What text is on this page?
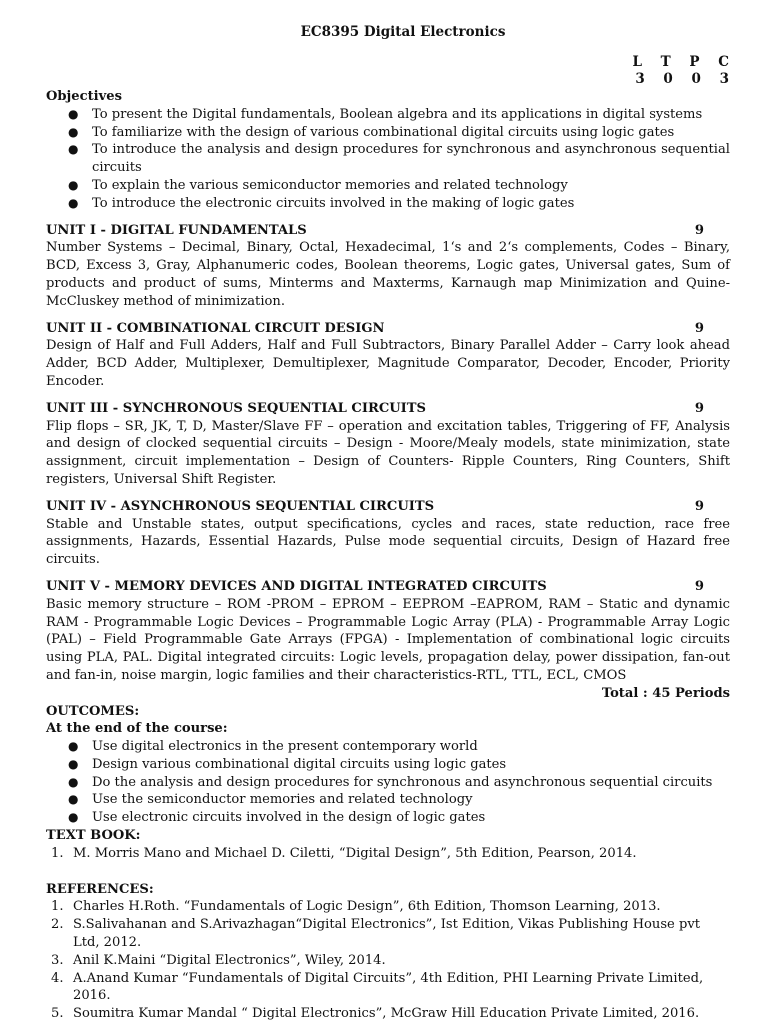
EC8395 Digital Electronics
L T P C
3 0 0 3
Objectives
● To present the Digital fundamentals, Boolean algebra and its applications in digital systems
● To familiarize with the design of various combinational digital circuits using logic gates
● To introduce the analysis and design procedures for synchronous and asynchronous sequential circuits
● To explain the various semiconductor memories and related technology
● To introduce the electronic circuits involved in the making of logic gates
UNIT I - DIGITAL FUNDAMENTALS	9
Number Systems – Decimal, Binary, Octal, Hexadecimal, 1‘s and 2‘s complements, Codes – Binary, BCD, Excess 3, Gray, Alphanumeric codes, Boolean theorems, Logic gates, Universal gates, Sum of products and product of sums, Minterms and Maxterms, Karnaugh map Minimization and Quine-McCluskey method of minimization.
UNIT II - COMBINATIONAL CIRCUIT DESIGN	9
Design of Half and Full Adders, Half and Full Subtractors, Binary Parallel Adder – Carry look ahead Adder, BCD Adder, Multiplexer, Demultiplexer, Magnitude Comparator, Decoder, Encoder, Priority Encoder.
UNIT III - SYNCHRONOUS SEQUENTIAL CIRCUITS	9
Flip flops – SR, JK, T, D, Master/Slave FF – operation and excitation tables, Triggering of FF, Analysis and design of clocked sequential circuits – Design - Moore/Mealy models, state minimization, state assignment, circuit implementation – Design of Counters- Ripple Counters, Ring Counters, Shift registers, Universal Shift Register.
UNIT IV - ASYNCHRONOUS SEQUENTIAL CIRCUITS	9
Stable and Unstable states, output specifications, cycles and races, state reduction, race free assignments, Hazards, Essential Hazards, Pulse mode sequential circuits, Design of Hazard free circuits.
UNIT V - MEMORY DEVICES AND DIGITAL INTEGRATED CIRCUITS	9
Basic memory structure – ROM -PROM – EPROM – EEPROM –EAPROM, RAM – Static and dynamic RAM - Programmable Logic Devices – Programmable Logic Array (PLA) - Programmable Array Logic (PAL) – Field Programmable Gate Arrays (FPGA) - Implementation of combinational logic circuits using PLA, PAL. Digital integrated circuits: Logic levels, propagation delay, power dissipation, fan-out and fan-in, noise margin, logic families and their characteristics-RTL, TTL, ECL, CMOS
Total : 45 Periods
OUTCOMES:
At the end of the course:
● Use digital electronics in the present contemporary world
● Design various combinational digital circuits using logic gates
● Do the analysis and design procedures for synchronous and asynchronous sequential circuits
● Use the semiconductor memories and related technology
● Use electronic circuits involved in the design of logic gates
TEXT BOOK:
1. M. Morris Mano and Michael D. Ciletti, “Digital Design”, 5th Edition, Pearson, 2014.
REFERENCES:
1. Charles H.Roth. “Fundamentals of Logic Design”, 6th Edition, Thomson Learning, 2013.
2. S.Salivahanan and S.Arivazhagan“Digital Electronics”, Ist Edition, Vikas Publishing House pvt Ltd, 2012.
3. Anil K.Maini “Digital Electronics”, Wiley, 2014.
4. A.Anand Kumar “Fundamentals of Digital Circuits”, 4th Edition, PHI Learning Private Limited, 2016.
5. Soumitra Kumar Mandal “ Digital Electronics”, McGraw Hill Education Private Limited, 2016.
